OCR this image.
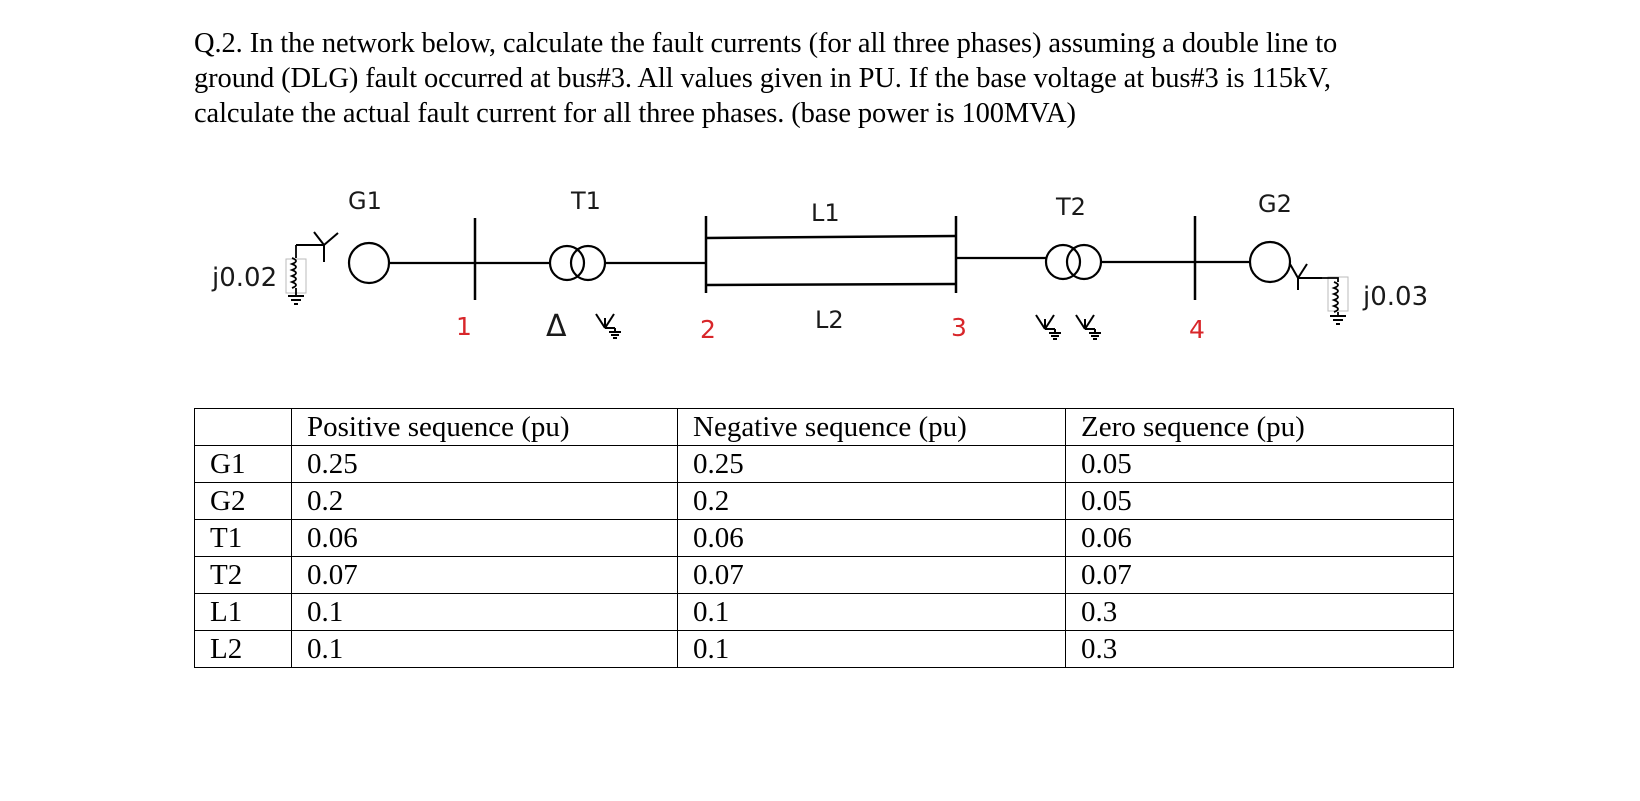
Q.2. In the network below, calculate the fault currents (for all three phases) assuming a double line to

ground (DLG) fault occurred at bus#3. All values given in PU. If the base voltage at bus#3 is 115kV,

calculate the actual fault current for all three phases. (base power is 100MVA)

G1	T1	L1	T2	G2
L2
j0.02
j0.03
1	2	3	4
Δ
	Positive sequence (pu)	Negative sequence (pu)	Zero sequence (pu)
G1	0.25	0.25	0.05
G2	0.2	0.2	0.05
T1	0.06	0.06	0.06
T2	0.07	0.07	0.07
L1	0.1	0.1	0.3
L2	0.1	0.1	0.3
